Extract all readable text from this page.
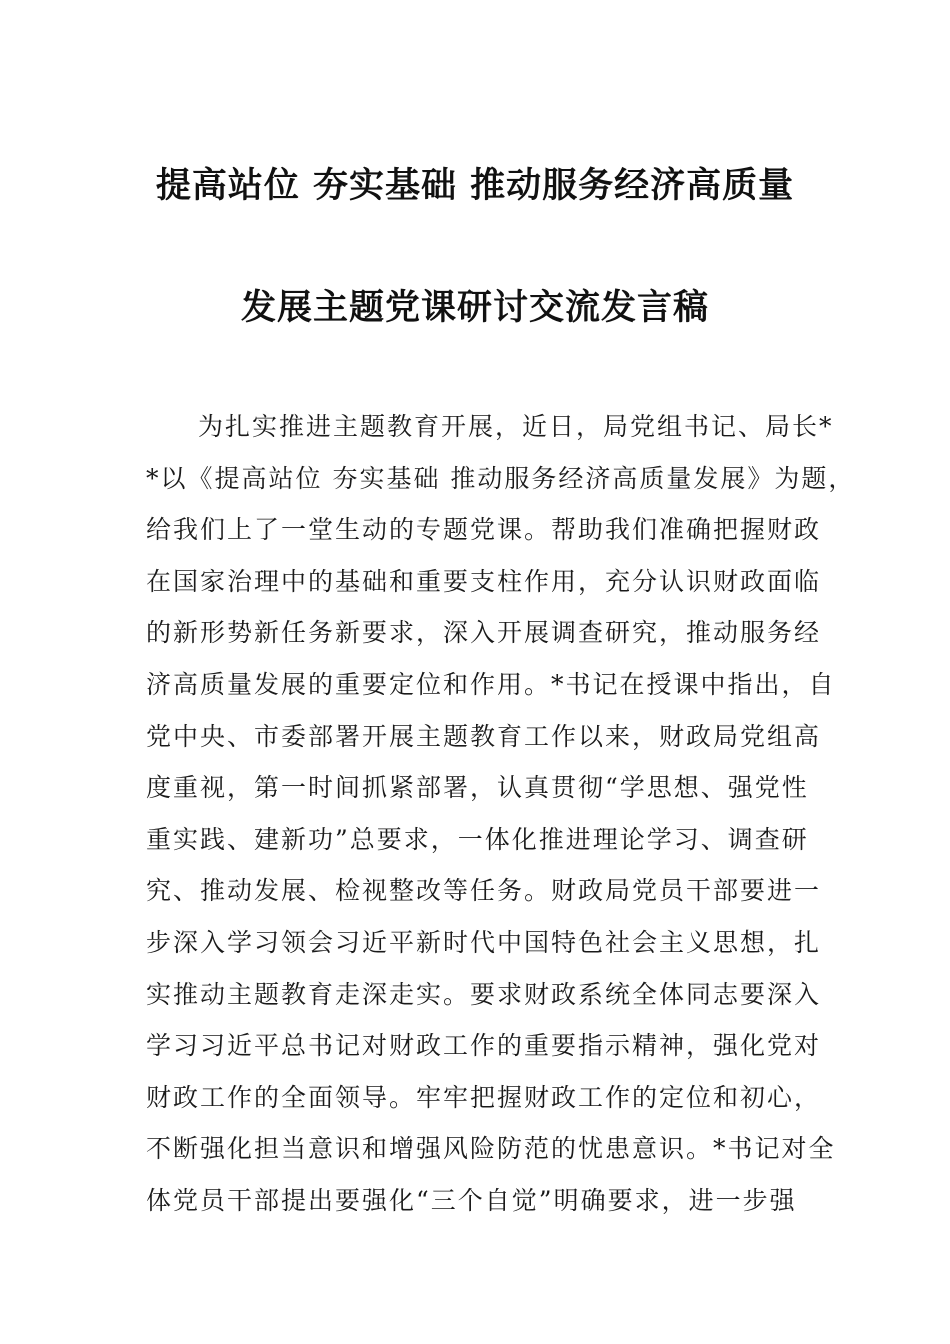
提高站位 夯实基础 推动服务经济高质量
发展主题党课研讨交流发言稿
为扎实推进主题教育开展，近日，局党组书记、局长*
*以《提高站位 夯实基础 推动服务经济高质量发展》为题，
给我们上了一堂生动的专题党课。帮助我们准确把握财政
在国家治理中的基础和重要支柱作用，充分认识财政面临
的新形势新任务新要求，深入开展调查研究，推动服务经
济高质量发展的重要定位和作用。*书记在授课中指出，自
党中央、市委部署开展主题教育工作以来，财政局党组高
度重视，第一时间抓紧部署，认真贯彻“学思想、强党性
重实践、建新功”总要求，一体化推进理论学习、调查研
究、推动发展、检视整改等任务。财政局党员干部要进一
步深入学习领会习近平新时代中国特色社会主义思想，扎
实推动主题教育走深走实。要求财政系统全体同志要深入
学习习近平总书记对财政工作的重要指示精神，强化党对
财政工作的全面领导。牢牢把握财政工作的定位和初心，
不断强化担当意识和增强风险防范的忧患意识。*书记对全
体党员干部提出要强化“三个自觉”明确要求，进一步强
